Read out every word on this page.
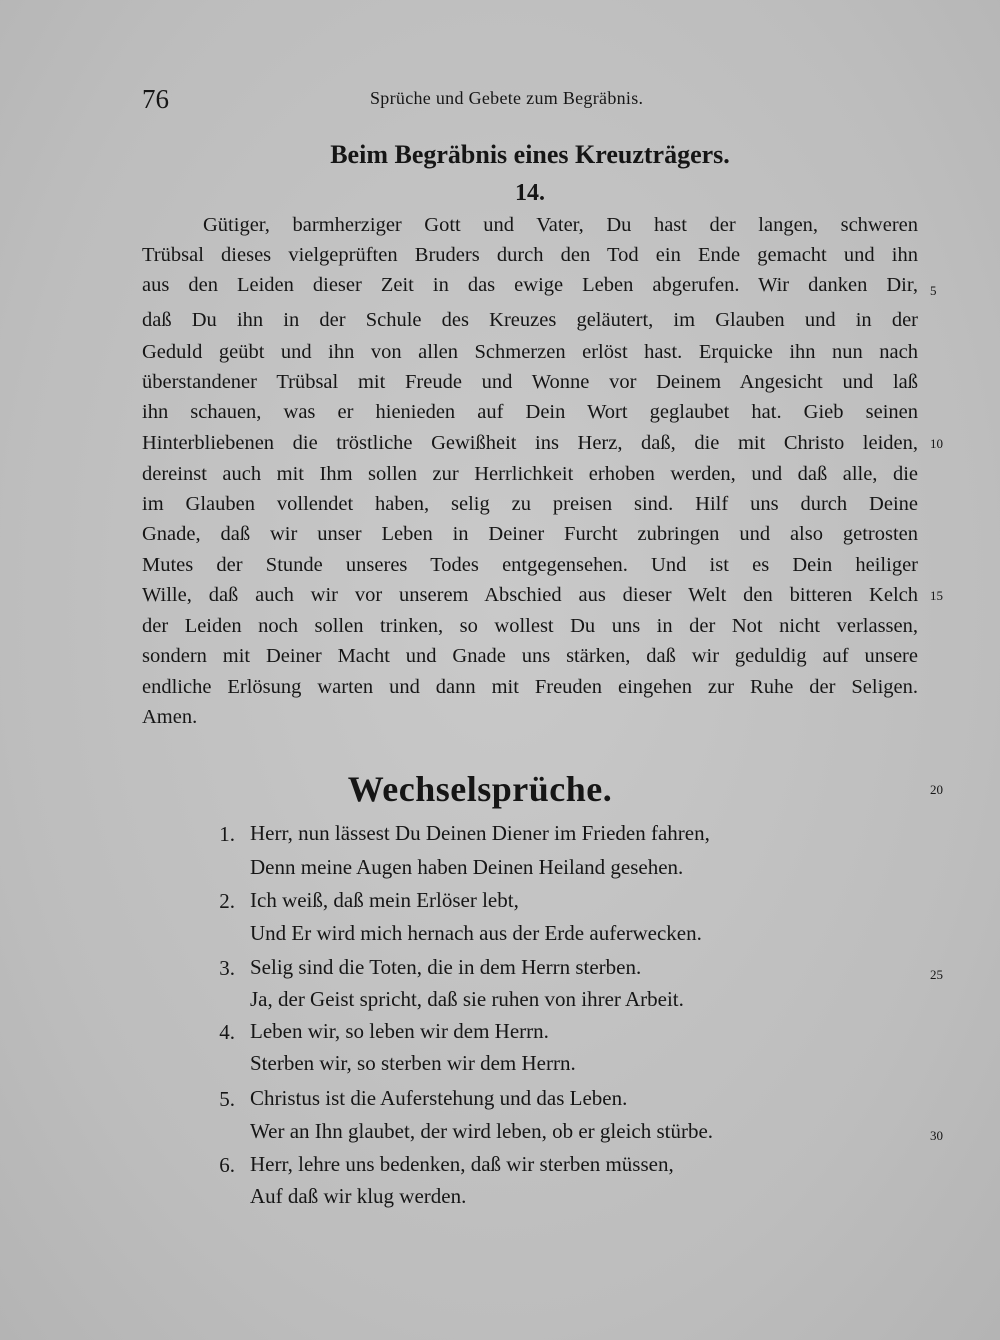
76	Sprüche und Gebete zum Begräbnis.
Beim Begräbnis eines Kreuzträgers.
14.
Gütiger, barmherziger Gott und Vater, Du hast der langen, schweren
Trübsal dieses vielgeprüften Bruders durch den Tod ein Ende gemacht und ihn
aus den Leiden dieser Zeit in das ewige Leben abgerufen. Wir danken Dir,
daß Du ihn in der Schule des Kreuzes geläutert, im Glauben und in der
Geduld geübt und ihn von allen Schmerzen erlöst hast. Erquicke ihn nun nach
überstandener Trübsal mit Freude und Wonne vor Deinem Angesicht und laß
ihn schauen, was er hienieden auf Dein Wort geglaubet hat. Gieb seinen
Hinterbliebenen die tröstliche Gewißheit ins Herz, daß, die mit Christo leiden,
dereinst auch mit Ihm sollen zur Herrlichkeit erhoben werden, und daß alle, die
im Glauben vollendet haben, selig zu preisen sind. Hilf uns durch Deine
Gnade, daß wir unser Leben in Deiner Furcht zubringen und also getrosten
Mutes der Stunde unseres Todes entgegensehen. Und ist es Dein heiliger
Wille, daß auch wir vor unserem Abschied aus dieser Welt den bitteren Kelch
der Leiden noch sollen trinken, so wollest Du uns in der Not nicht verlassen,
sondern mit Deiner Macht und Gnade uns stärken, daß wir geduldig auf unsere
endliche Erlösung warten und dann mit Freuden eingehen zur Ruhe der Seligen.
Amen.
Wechselsprüche.
1. Herr, nun lässest Du Deinen Diener im Frieden fahren,
Denn meine Augen haben Deinen Heiland gesehen.
2. Ich weiß, daß mein Erlöser lebt,
Und Er wird mich hernach aus der Erde auferwecken.
3. Selig sind die Toten, die in dem Herrn sterben.
Ja, der Geist spricht, daß sie ruhen von ihrer Arbeit.
4. Leben wir, so leben wir dem Herrn.
Sterben wir, so sterben wir dem Herrn.
5. Christus ist die Auferstehung und das Leben.
Wer an Ihn glaubet, der wird leben, ob er gleich stürbe.
6. Herr, lehre uns bedenken, daß wir sterben müssen,
Auf daß wir klug werden.
5
10
15
20
25
30
